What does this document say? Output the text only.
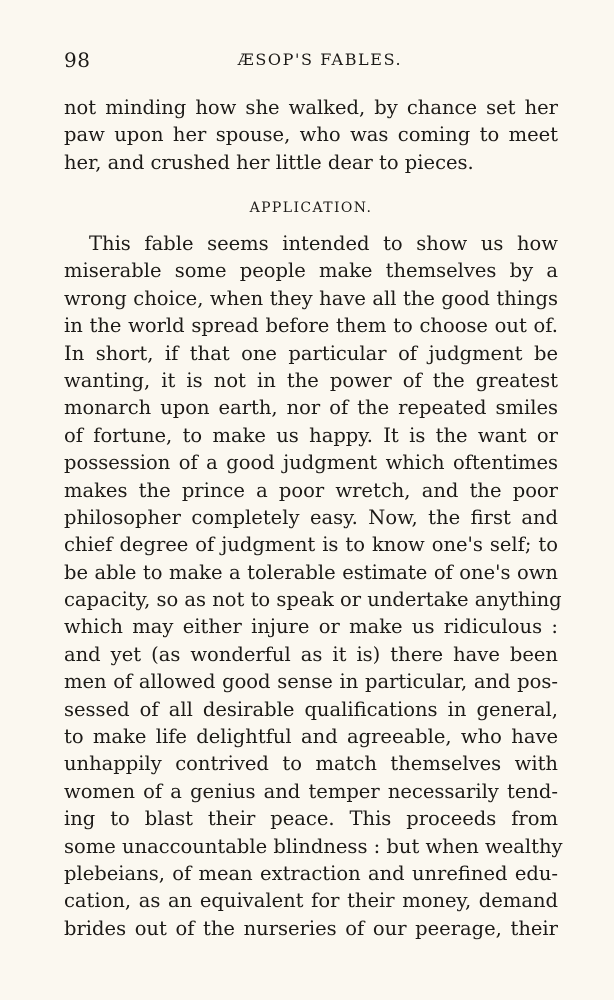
98	ÆSOP'S FABLES.
not minding how she walked, by chance set her
paw upon her spouse, who was coming to meet
her, and crushed her little dear to pieces.
APPLICATION.
This fable seems intended to show us how
miserable some people make themselves by a
wrong choice, when they have all the good things
in the world spread before them to choose out of.
In short, if that one particular of judgment be
wanting, it is not in the power of the greatest
monarch upon earth, nor of the repeated smiles
of fortune, to make us happy. It is the want or
possession of a good judgment which oftentimes
makes the prince a poor wretch, and the poor
philosopher completely easy. Now, the first and
chief degree of judgment is to know one's self; to
be able to make a tolerable estimate of one's own
capacity, so as not to speak or undertake anything
which may either injure or make us ridiculous :
and yet (as wonderful as it is) there have been
men of allowed good sense in particular, and pos-
sessed of all desirable qualifications in general,
to make life delightful and agreeable, who have
unhappily contrived to match themselves with
women of a genius and temper necessarily tend-
ing to blast their peace. This proceeds from
some unaccountable blindness : but when wealthy
plebeians, of mean extraction and unrefined edu-
cation, as an equivalent for their money, demand
brides out of the nurseries of our peerage, their
